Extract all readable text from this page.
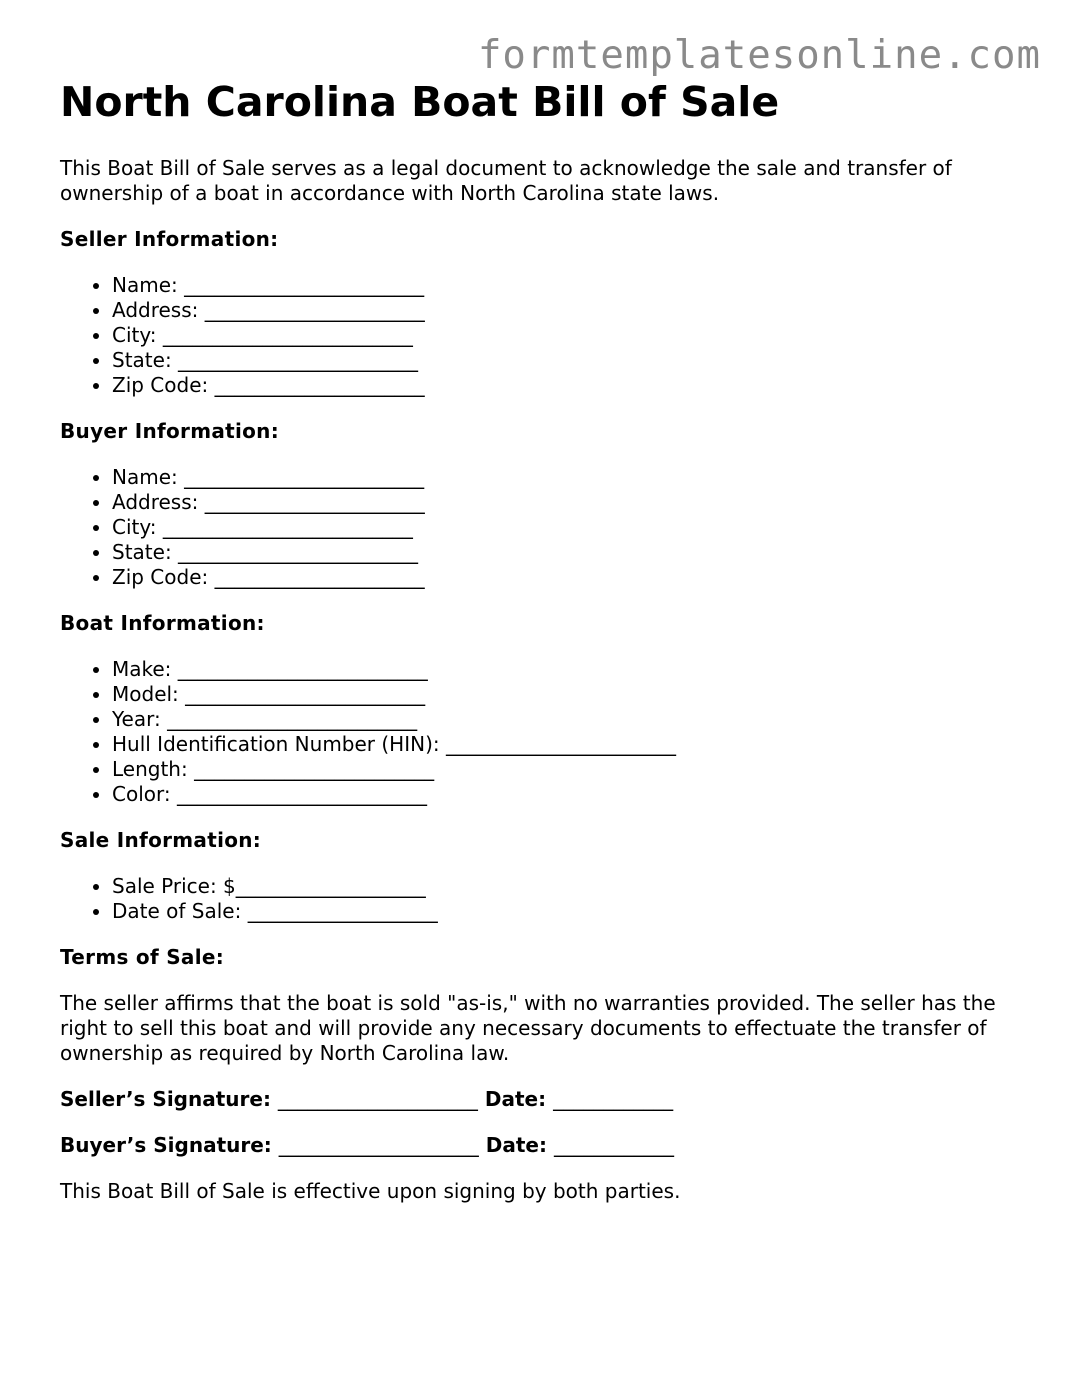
formtemplatesonline.com
North Carolina Boat Bill of Sale

This Boat Bill of Sale serves as a legal document to acknowledge the sale and transfer of ownership of a boat in accordance with North Carolina state laws.

Seller Information:
• Name: ________________________
• Address: ______________________
• City: _________________________
• State: ________________________
• Zip Code: _____________________
Buyer Information:
• Name: ________________________
• Address: ______________________
• City: _________________________
• State: ________________________
• Zip Code: _____________________
Boat Information:
• Make: _________________________
• Model: ________________________
• Year: _________________________
• Hull Identification Number (HIN): _______________________
• Length: ________________________
• Color: _________________________
Sale Information:
• Sale Price: $___________________
• Date of Sale: ___________________
Terms of Sale:

The seller affirms that the boat is sold "as-is," with no warranties provided. The seller has the right to sell this boat and will provide any necessary documents to effectuate the transfer of ownership as required by North Carolina law.

Seller’s Signature: ____________________ Date: ____________
Buyer’s Signature: ____________________ Date: ____________

This Boat Bill of Sale is effective upon signing by both parties.
